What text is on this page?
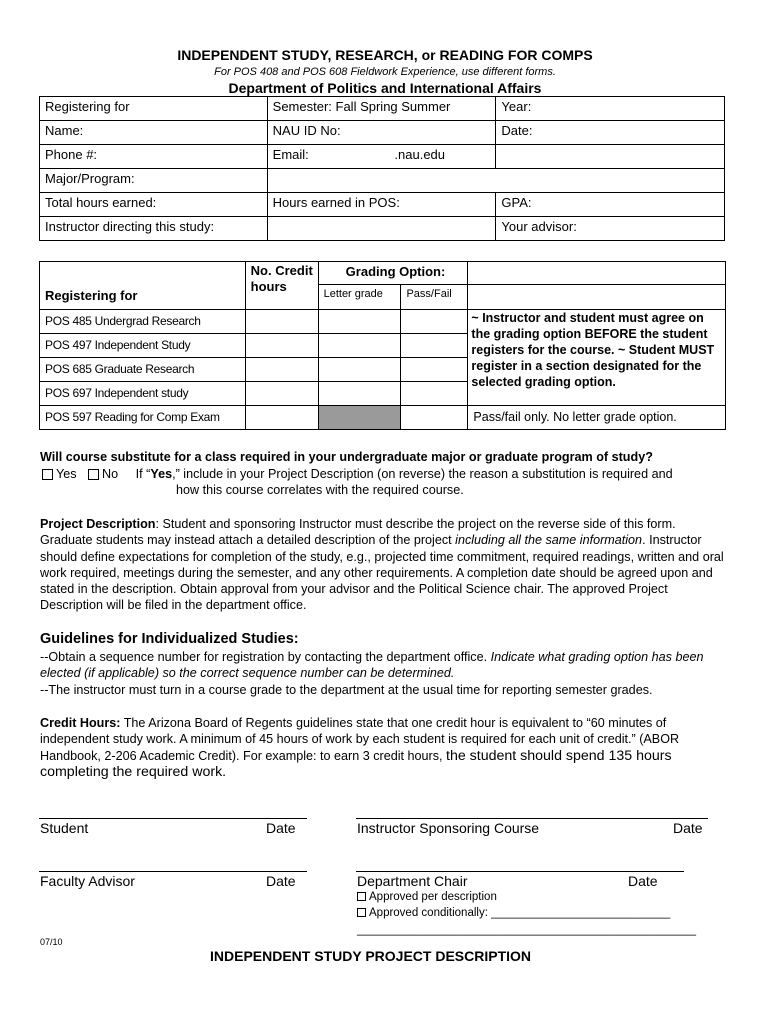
INDEPENDENT STUDY, RESEARCH, or READING FOR COMPS
For POS 408 and POS 608 Fieldwork Experience, use different forms.
Department of Politics and International Affairs
Registering for	Semester: Fall Spring Summer	Year:
Name:	NAU ID No:	Date:
Phone #:	Email: .nau.edu	
Major/Program:		
Total hours earned:	Hours earned in POS:	GPA:
Instructor directing this study:		Your advisor:
Registering for	No. Credit hours	Grading Option:		
		Letter grade	Pass/Fail	
POS 485 Undergrad Research				~ Instructor and student must agree on the grading option BEFORE the student registers for the course. ~ Student MUST register in a section designated for the selected grading option.
POS 497 Independent Study				
POS 685 Graduate Research				
POS 697 Independent study				
POS 597 Reading for Comp Exam				Pass/fail only. No letter grade option.
Will course substitute for a class required in your undergraduate major or graduate program of study?
Yes No If “Yes,” include in your Project Description (on reverse) the reason a substitution is required and
how this course correlates with the required course.
Project Description: Student and sponsoring Instructor must describe the project on the reverse side of this form. Graduate students may instead attach a detailed description of the project including all the same information. Instructor should define expectations for completion of the study, e.g., projected time commitment, required readings, written and oral work required, meetings during the semester, and any other requirements. A completion date should be agreed upon and stated in the description. Obtain approval from your advisor and the Political Science chair. The approved Project Description will be filed in the department office.
Guidelines for Individualized Studies:
--Obtain a sequence number for registration by contacting the department office. Indicate what grading option has been elected (if applicable) so the correct sequence number can be determined.
--The instructor must turn in a course grade to the department at the usual time for reporting semester grades.
Credit Hours: The Arizona Board of Regents guidelines state that one credit hour is equivalent to “60 minutes of independent study work. A minimum of 45 hours of work by each student is required for each unit of credit.” (ABOR Handbook, 2-206 Academic Credit). For example: to earn 3 credit hours, the student should spend 135 hours completing the required work.
Student	Date	Instructor Sponsoring Course	Date
Faculty Advisor	Date	Department Chair	Date
Approved per description
Approved conditionally: ____________________________
_____________________________________________________
07/10
INDEPENDENT STUDY PROJECT DESCRIPTION
